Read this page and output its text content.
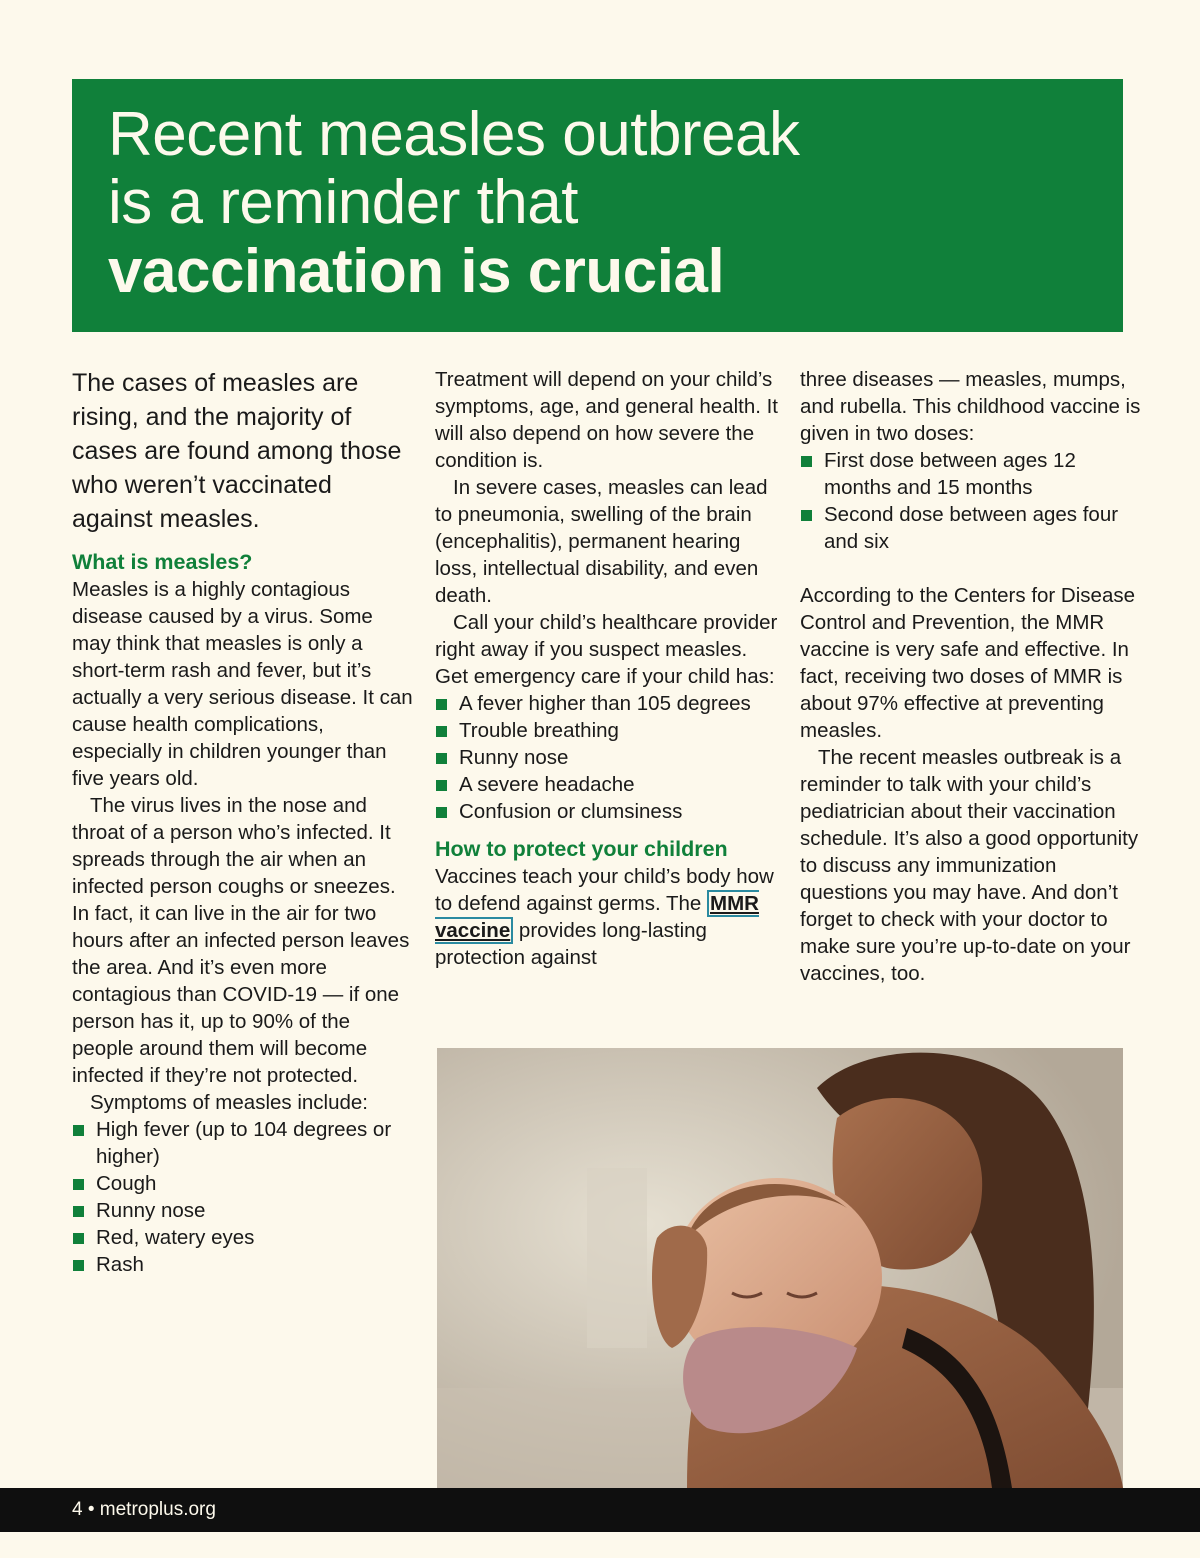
Recent measles outbreak
is a reminder that
vaccination is crucial

The cases of measles are rising, and the majority of cases are found among those who weren’t vaccinated against measles.

What is measles?

Measles is a highly contagious disease caused by a virus. Some may think that measles is only a short-term rash and fever, but it’s actually a very serious disease. It can cause health complications, especially in children younger than five years old.

The virus lives in the nose and throat of a person who’s infected. It spreads through the air when an infected person coughs or sneezes. In fact, it can live in the air for two hours after an infected person leaves the area. And it’s even more contagious than COVID-19 — if one person has it, up to 90% of the people around them will become infected if they’re not protected.

Symptoms of measles include:

High fever (up to 104 degrees or higher)
Cough
Runny nose
Red, watery eyes
Rash

Treatment will depend on your child’s symptoms, age, and general health. It will also depend on how severe the condition is.

In severe cases, measles can lead to pneumonia, swelling of the brain (encephalitis), permanent hearing loss, intellectual disability, and even death.

Call your child’s healthcare provider right away if you suspect measles. Get emergency care if your child has:

A fever higher than 105 degrees
Trouble breathing
Runny nose
A severe headache
Confusion or clumsiness
How to protect your children

Vaccines teach your child’s body how to defend against germs. The MMR vaccine provides long-lasting protection against

three diseases — measles, mumps, and rubella. This childhood vaccine is given in two doses:

First dose between ages 12 months and 15 months
Second dose between ages four and six

According to the Centers for Disease Control and Prevention, the MMR vaccine is very safe and effective. In fact, receiving two doses of MMR is about 97% effective at preventing measles.

The recent measles outbreak is a reminder to talk with your child’s pediatrician about their vaccination schedule. It’s also a good opportunity to discuss any immunization questions you may have. And don’t forget to check with your doctor to make sure you’re up-to-date on your vaccines, too.

4 • metroplus.org
